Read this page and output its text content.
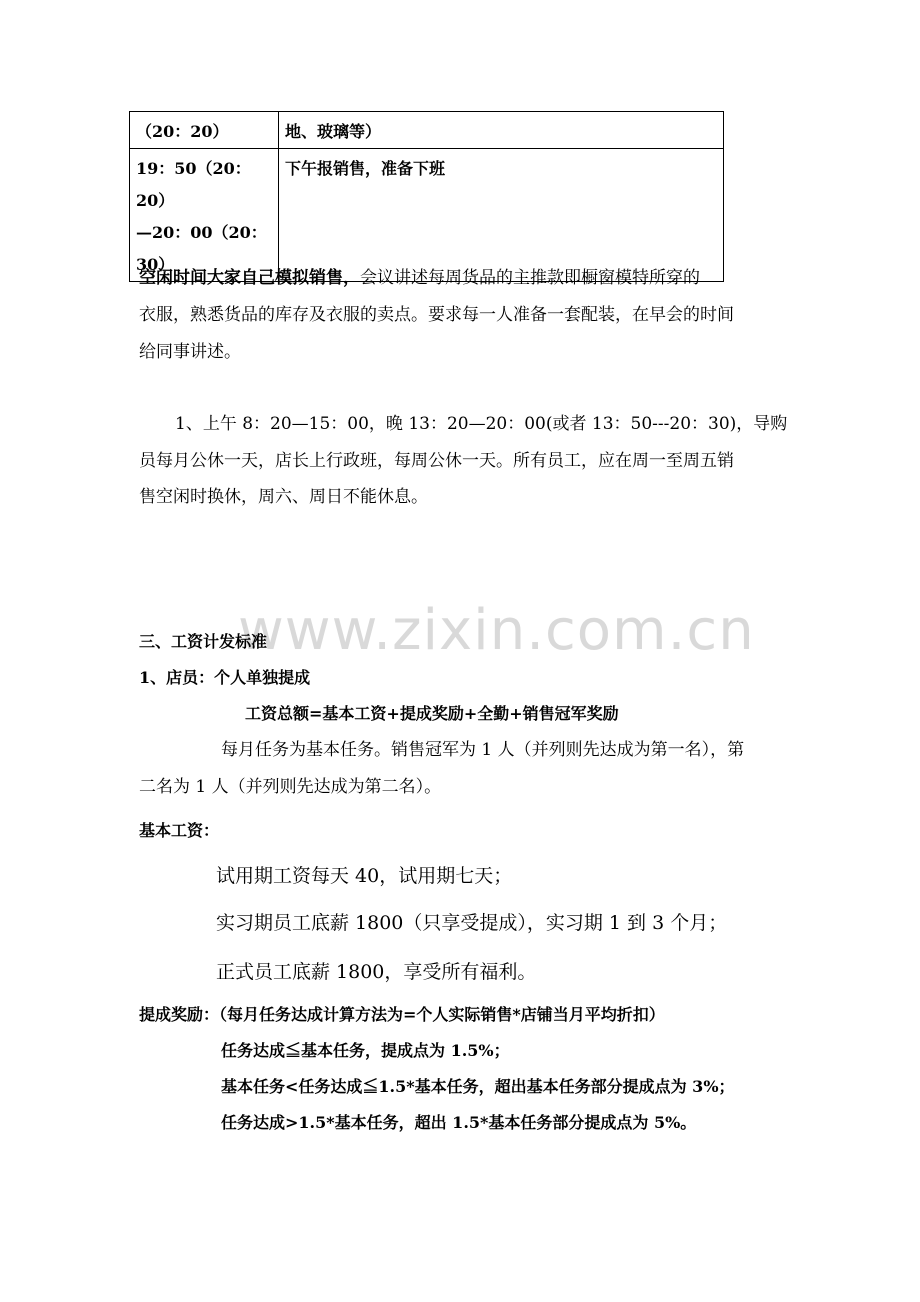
www.zixin.com.cn
（20：20）	地、玻璃等）

19：50（20：20）
—20：00（20：
30）	下午报销售，准备下班
空闲时间大家自己模拟销售，会议讲述每周货品的主推款即橱窗模特所穿的
衣服，熟悉货品的库存及衣服的卖点。要求每一人准备一套配装，在早会的时间
给同事讲述。
1、上午 8：20—15：00，晚 13：20—20：00(或者 13：50---20：30)，导购
员每月公休一天，店长上行政班，每周公休一天。所有员工，应在周一至周五销
售空闲时换休，周六、周日不能休息。
三、工资计发标准
1、店员：个人单独提成
工资总额=基本工资+提成奖励+全勤+销售冠军奖励
每月任务为基本任务。销售冠军为 1 人（并列则先达成为第一名），第
二名为 1 人（并列则先达成为第二名）。
基本工资：
试用期工资每天 40，试用期七天；
实习期员工底薪 1800（只享受提成），实习期 1 到 3 个月；
正式员工底薪 1800，享受所有福利。
提成奖励：（每月任务达成计算方法为=个人实际销售*店铺当月平均折扣）
任务达成≦基本任务，提成点为 1.5%；
基本任务<任务达成≦1.5*基本任务，超出基本任务部分提成点为 3%；
任务达成>1.5*基本任务，超出 1.5*基本任务部分提成点为 5%。
